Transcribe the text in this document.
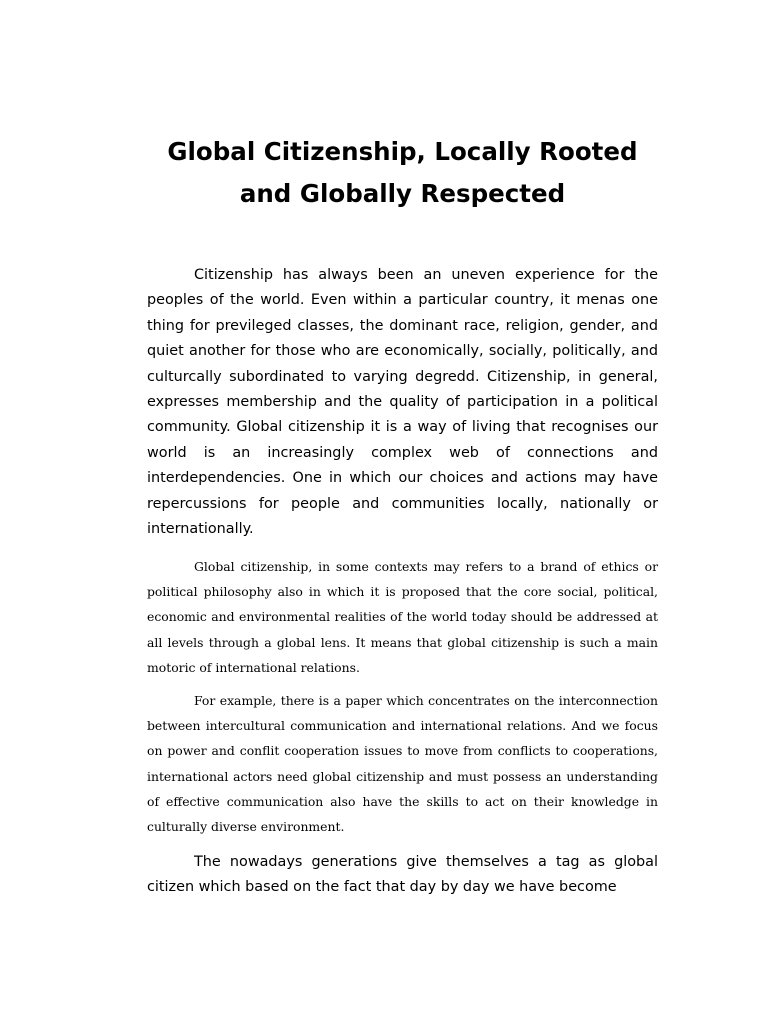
Global Citizenship, Locally Rooted
and Globally Respected

Citizenship has always been an uneven experience for the peoples of the world. Even within a particular country, it menas one thing for previleged classes, the dominant race, religion, gender, and quiet another for those who are economically, socially, politically, and culturcally subordinated to varying degredd. Citizenship, in general, expresses membership and the quality of participation in a political community. Global citizenship it is a way of living that recognises our world is an increasingly complex web of connections and interdependencies. One in which our choices and actions may have repercussions for people and communities locally, nationally or internationally.

Global citizenship, in some contexts may refers to a brand of ethics or political philosophy also in which it is proposed that the core social, political, economic and environmental realities of the world today should be addressed at all levels through a global lens. It means that global citizenship is such a main motoric of international relations.

For example, there is a paper which concentrates on the interconnection between intercultural communication and international relations. And we focus on power and conflit cooperation issues to move from conflicts to cooperations, international actors need global citizenship and must possess an understanding of effective communication also have the skills to act on their knowledge in culturally diverse environment.

The nowadays generations give themselves a tag as global citizen which based on the fact that day by day we have become
